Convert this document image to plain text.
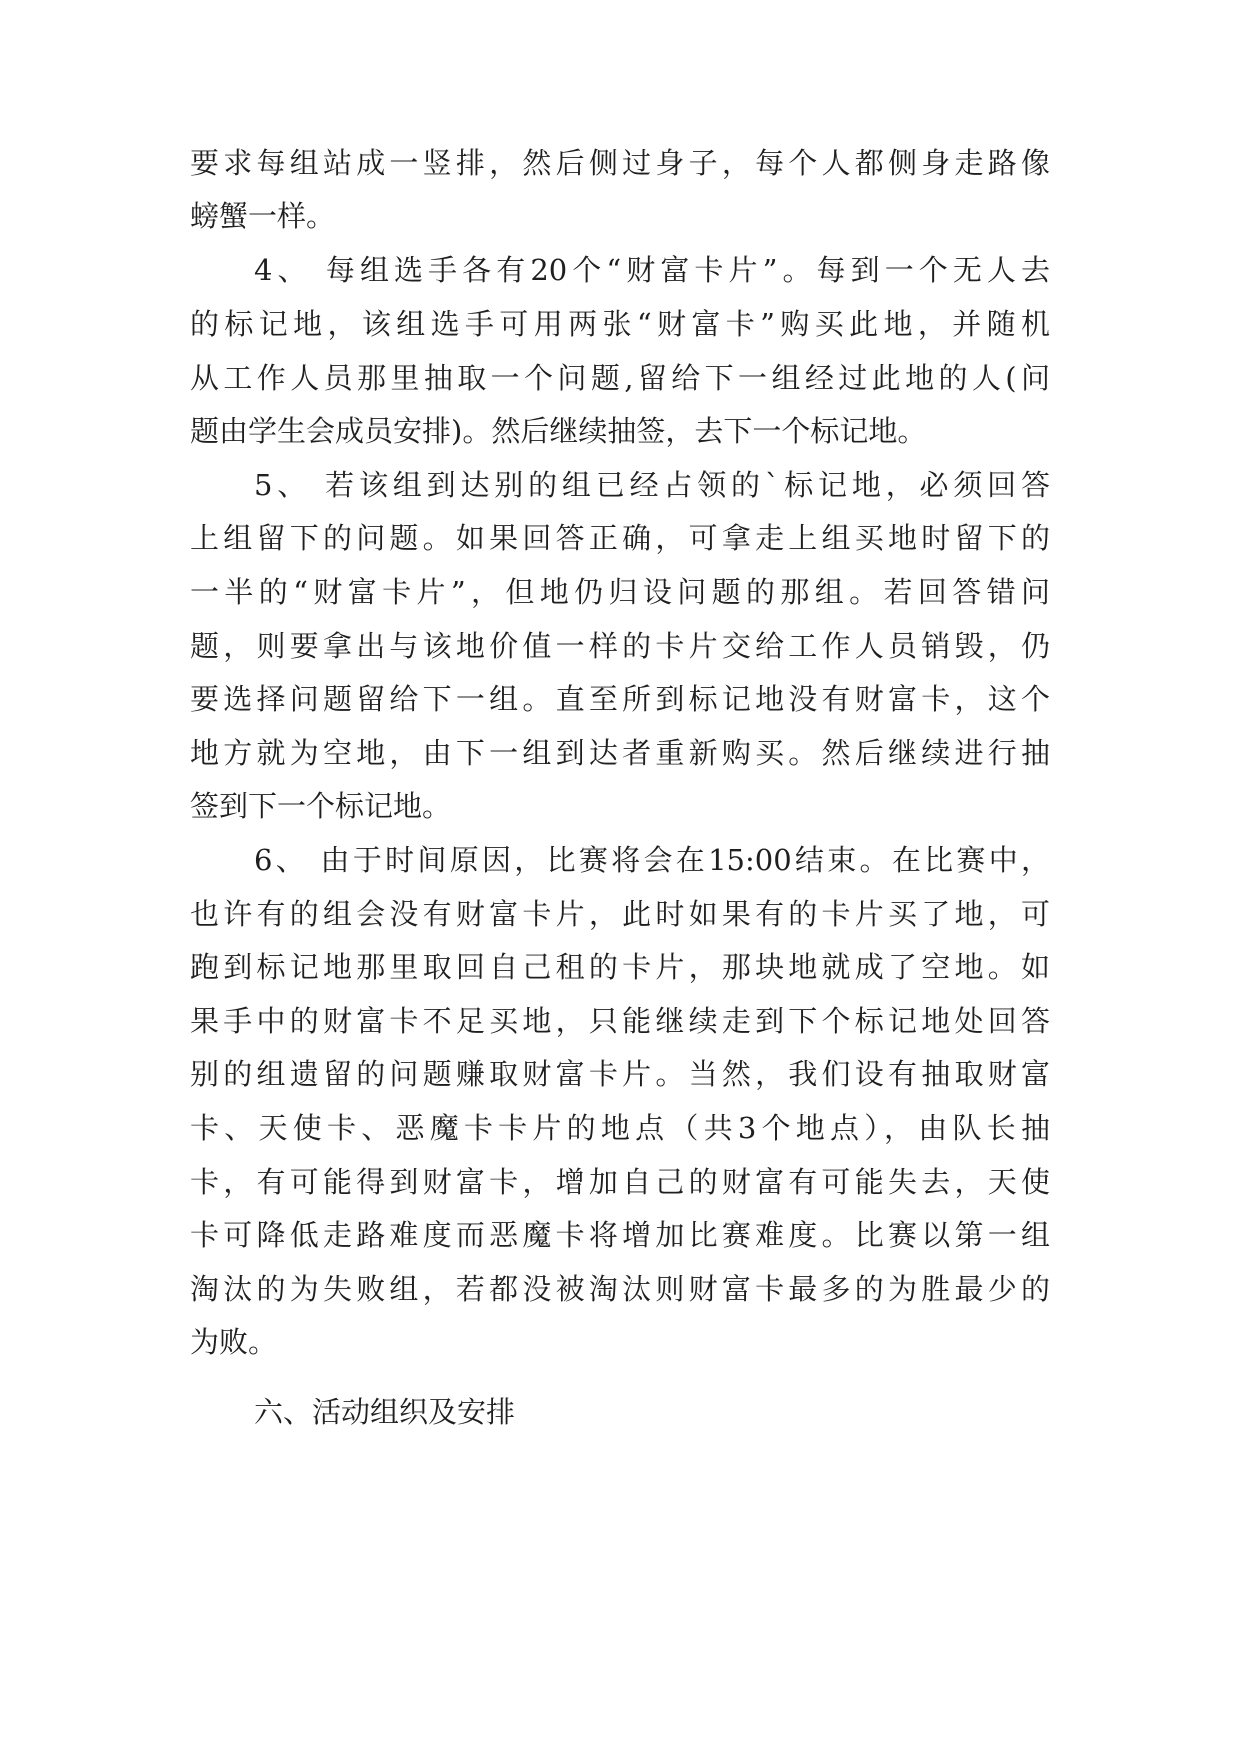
要求每组站成一竖排，然后侧过身子，每个人都侧身走路像
螃蟹一样。
4、 每组选手各有20个“财富卡片”。每到一个无人去
的标记地，该组选手可用两张“财富卡”购买此地，并随机
从工作人员那里抽取一个问题,留给下一组经过此地的人(问
题由学生会成员安排)。然后继续抽签，去下一个标记地。
5、 若该组到达别的组已经占领的`标记地，必须回答
上组留下的问题。如果回答正确，可拿走上组买地时留下的
一半的“财富卡片”，但地仍归设问题的那组。若回答错问
题，则要拿出与该地价值一样的卡片交给工作人员销毁，仍
要选择问题留给下一组。直至所到标记地没有财富卡，这个
地方就为空地，由下一组到达者重新购买。然后继续进行抽
签到下一个标记地。
6、 由于时间原因，比赛将会在15:00结束。在比赛中，
也许有的组会没有财富卡片，此时如果有的卡片买了地，可
跑到标记地那里取回自己租的卡片，那块地就成了空地。如
果手中的财富卡不足买地，只能继续走到下个标记地处回答
别的组遗留的问题赚取财富卡片。当然，我们设有抽取财富
卡、天使卡、恶魔卡卡片的地点（共3个地点），由队长抽
卡，有可能得到财富卡，增加自己的财富有可能失去，天使
卡可降低走路难度而恶魔卡将增加比赛难度。比赛以第一组
淘汰的为失败组，若都没被淘汰则财富卡最多的为胜最少的
为败。
六、活动组织及安排
